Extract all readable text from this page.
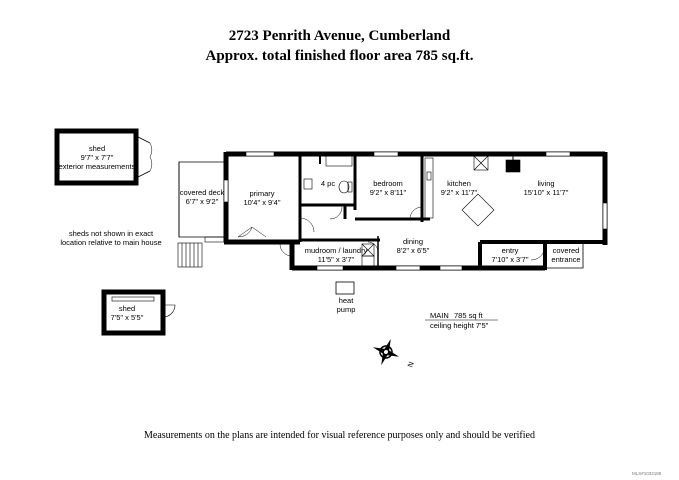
2723 Penrith Avenue, Cumberland
Approx. total finished floor area 785 sq.ft.
shed
9'7" x 7'7"
(exterior measurements)
sheds not shown in exact
location relative to main house
shed
7'5" x 5'5"
covered deck
6'7" x 9'2"
primary
10'4" x 9'4"
4 pc	bedroom
9'2" x 8'11"
kitchen
9'2" x 11'7"
living
15'10" x 11'7"
mudroom / laundry
11'5" x 3'7"
dining
8'2" x 6'5"	entry
7'10" x 3'7"
covered
entrance
heat
pump
MAIN 785 sq ft
ceiling height 7'5"
N
Measurements on the plans are intended for visual reference purposes only and should be verified
MLS#1032189
